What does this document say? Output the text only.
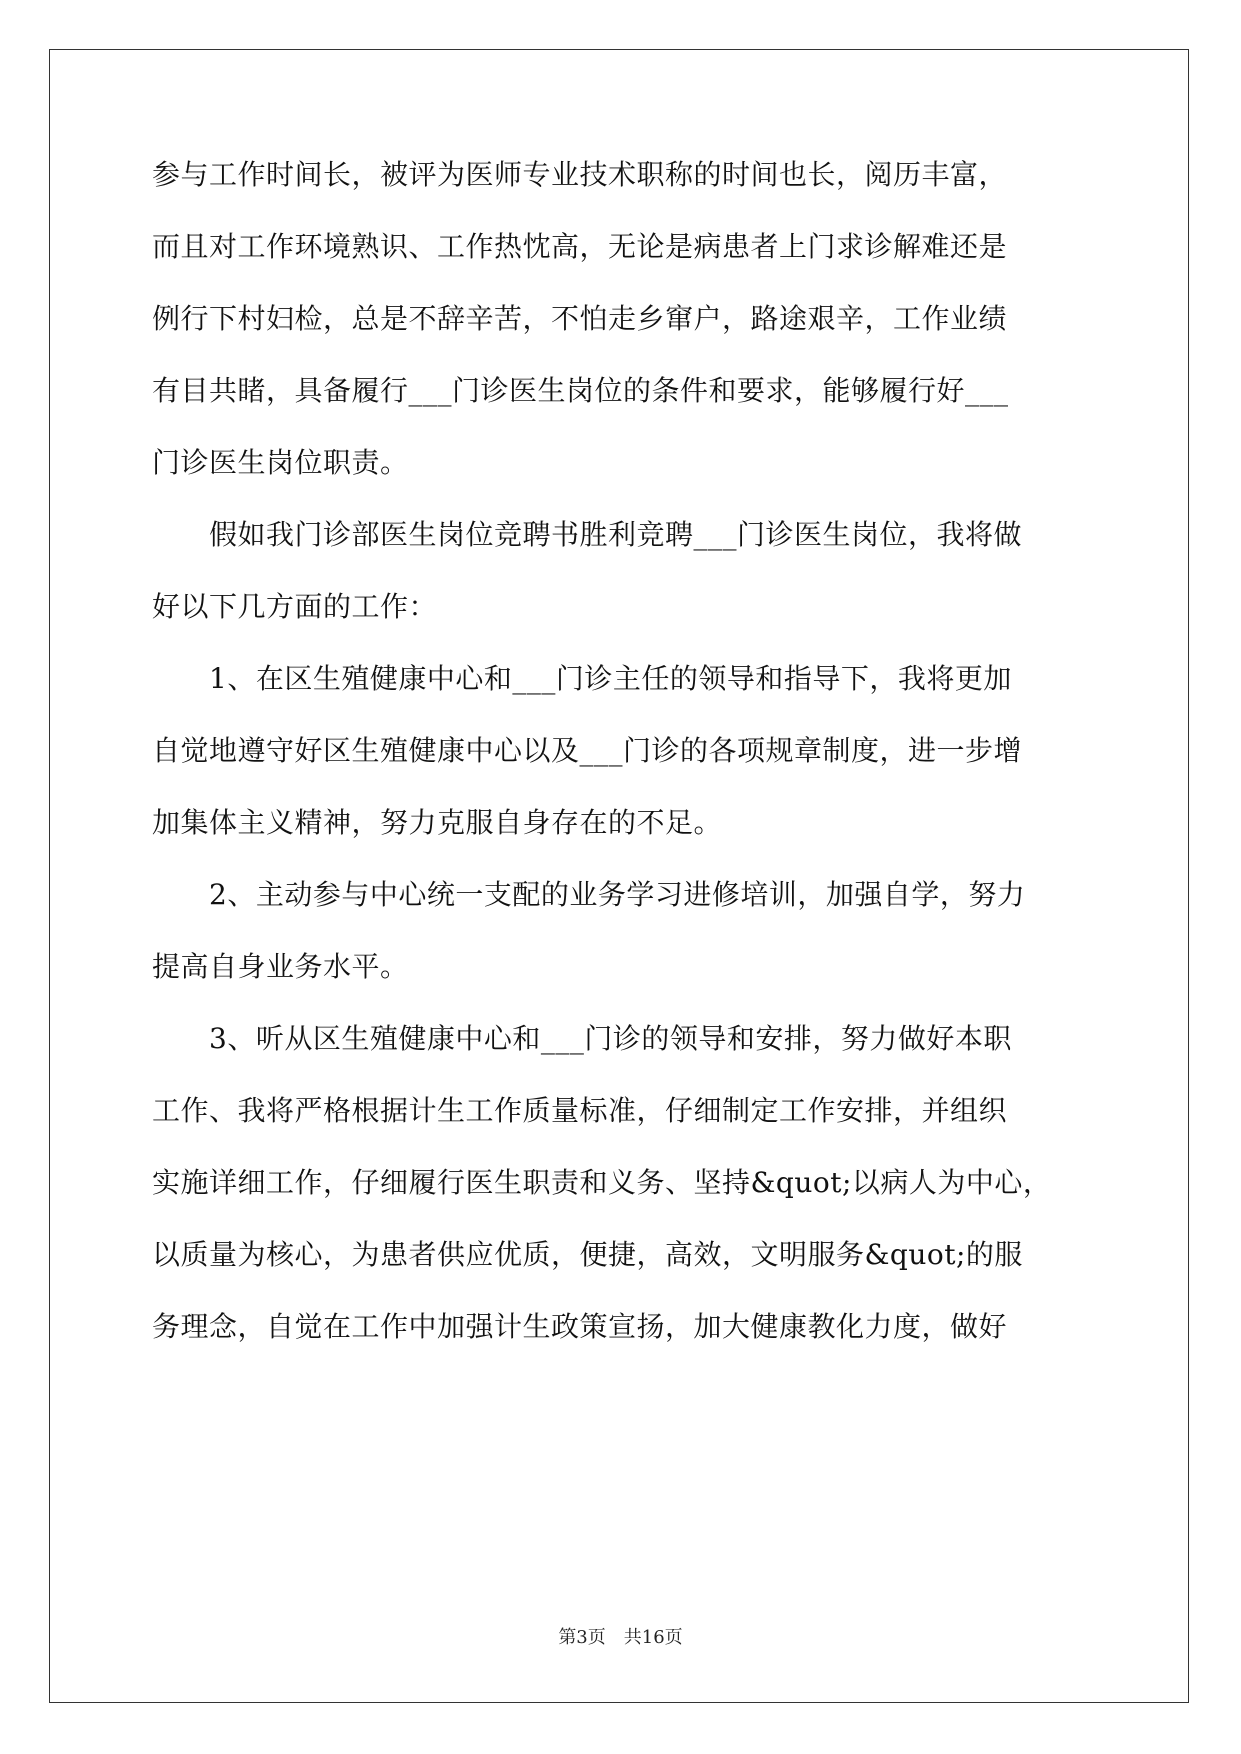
参与工作时间长，被评为医师专业技术职称的时间也长，阅历丰富，
而且对工作环境熟识、工作热忱高，无论是病患者上门求诊解难还是
例行下村妇检，总是不辞辛苦，不怕走乡窜户，路途艰辛，工作业绩
有目共睹，具备履行___门诊医生岗位的条件和要求，能够履行好___
门诊医生岗位职责。
　　假如我门诊部医生岗位竞聘书胜利竞聘___门诊医生岗位，我将做
好以下几方面的工作：
　　1、在区生殖健康中心和___门诊主任的领导和指导下，我将更加
自觉地遵守好区生殖健康中心以及___门诊的各项规章制度，进一步增
加集体主义精神，努力克服自身存在的不足。
　　2、主动参与中心统一支配的业务学习进修培训，加强自学，努力
提高自身业务水平。
　　3、听从区生殖健康中心和___门诊的领导和安排，努力做好本职
工作、我将严格根据计生工作质量标准，仔细制定工作安排，并组织
实施详细工作，仔细履行医生职责和义务、坚持&quot;以病人为中心，
以质量为核心，为患者供应优质，便捷，高效，文明服务&quot;的服
务理念，自觉在工作中加强计生政策宣扬，加大健康教化力度，做好
第3页　共16页
